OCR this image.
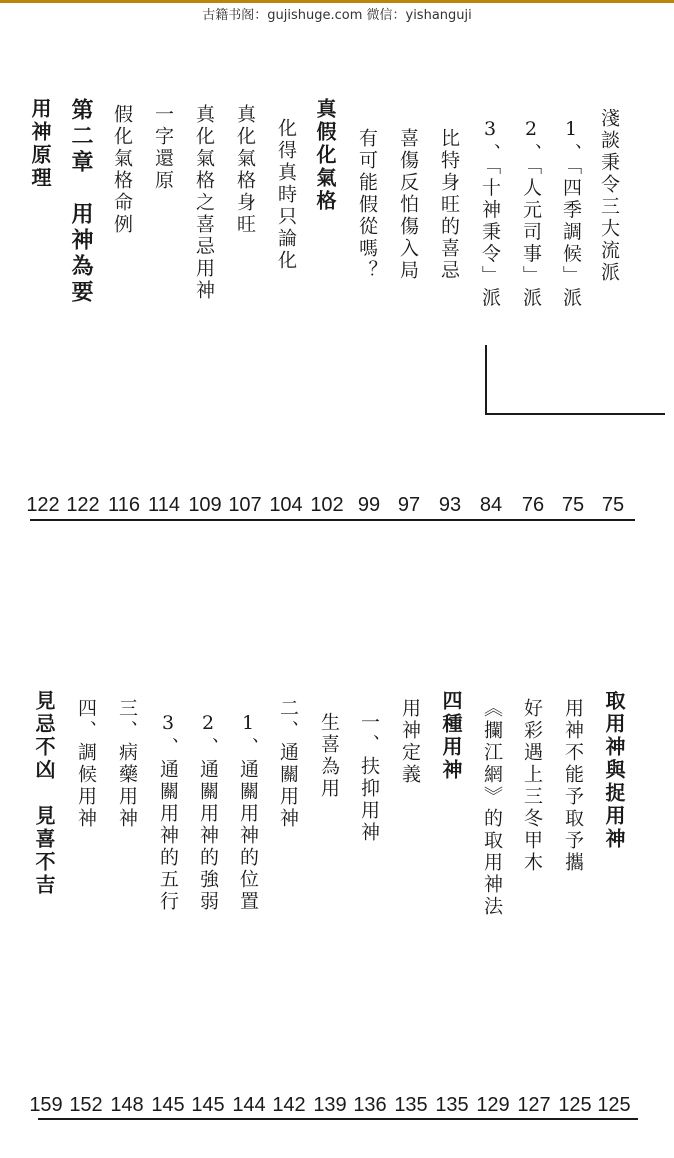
古籍书阁：gujishuge.com 微信：yishanguji
淺談秉令三大流派
1、「四季調候」派
2、「人元司事」派
3、「十神秉令」派
比特身旺的喜忌
喜傷反怕傷入局
有可能假從嗎？
真假化氣格
化得真時只論化
真化氣格身旺
真化氣格之喜忌用神
一字還原
假化氣格命例
第二章　用神為要
用神原理
75
75
76
84
93
97
99
102
104
107
109
114
116
122
122
取用神與捉用神
用神不能予取予攜
好彩遇上三冬甲木
《攔江網》的取用神法
四種用神
用神定義
一、扶抑用神
生喜為用
二、通關用神
1、通關用神的位置
2、通關用神的強弱
3、通關用神的五行
三、病藥用神
四、調候用神
見忌不凶　見喜不吉
125
125
127
129
135
135
136
139
142
144
145
145
148
152
159
